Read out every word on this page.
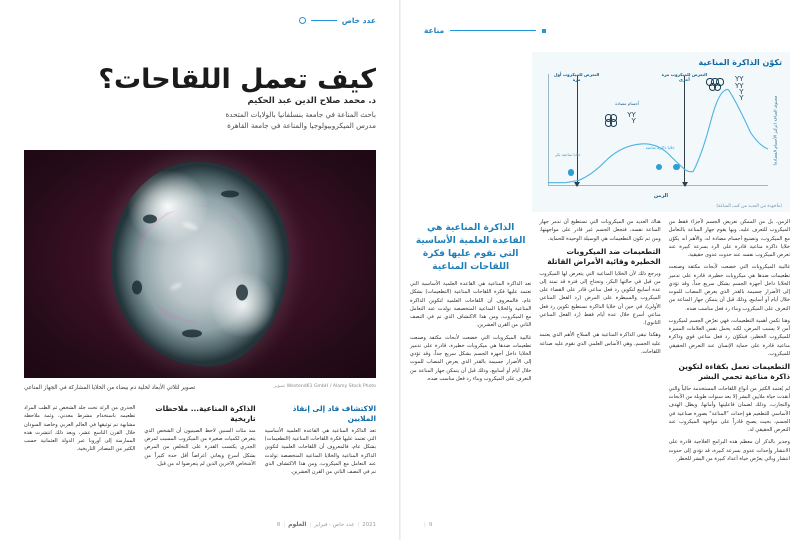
مناعة
تكوّن الذاكرة المناعية
مستوى المناعة (تركيز الأجسام المضادة)
التعرض للميكروب أول مرة
التعرض للميكروب مرة أخرى
خلايا مناعية بكر
خلايا ذاكرة مناعية
أجسام مضادة
YY
Y
YY
YY
Y
Y
الزمن
(مأخوذة من العديد من كتب المناعة)

الزمن، بل من الممكن تعريض الجسم لأجزاء فقط من الميكروب للتعرف عليه، وبها يقوم جهاز المناعة بالتعامل مع الميكروب، وتصنيع أجسام مضادة له، والأهم أنه يكوّن خلايا ذاكرة مناعية قادرة على الرد بسرعة كبيرة عند تعرض الميكروب نفسه عند حدوث عدوى حقيقية.

غالبية الميكروبات التي خضعت لأبحاث مكثفة وصنعت تطعيمات ضدها هي ميكروبات خطيرة، قادرة على تدمير الخلايا داخل أجهزة الجسم بشكل سريع جداً، وقد تؤدي إلى الأضرار جسيمة بالقدر الذي يعرض المصاب للموت خلال أيام أو أسابيع، وذلك قبل أن يتمكن جهاز المناعة من التعرف على الميكروب وبناء رد فعل مناسب ضده.

وهنا تكمن أهمية التطعيمات، فهي تعرّض الجسم لميكروب آمن لا يسبب المرض، لكنه يحمل نفس العلامات المميزة للميكروب الخطير، فيتكوّن رد فعل مناعي قوي وذاكرة مناعية قادرة على حماية الإنسان عند التعرض الحقيقي للميكروب.

التطعيمات تعمل بكفاءة لتكوين ذاكرة مناعية تحمي البشر

لم يُعتمد الكثير من أنواع اللقاحات المستخدمة حالياً والتي أنقذت حياة ملايين البشر إلا بعد سنوات طويلة من الأبحاث والتجارب، وذلك لضمان فاعليتها وأمانها، ويظل الهدف الأساسي للتطعيم هو إحداث "المناعة" بصورة صناعية في الجسم، بحيث يصبح قادراً على مواجهة الميكروب عند التعرض الحقيقي له.

وجدير بالذكر أن معظم هذه البرامج العلاجية قادرة على الانتشار وإحداث عدوى بسرعة كبيرة، قد تؤدي إلى حدوث انتشار وبائي يعرّض حياة أعداد كبيرة من البشر للخطر.

هناك العديد من الميكروبات التي تستطيع أن تدمر جهاز المناعة نفسه، فتجعل الجسم غير قادر على مواجهتها، ومن ثم تكون التطعيمات هي الوسيلة الوحيدة للحماية.

التطعيمات ضد الميكروبات الخطيرة وقائية الأمراض القاتلة

ويرجع ذلك لأن الخلايا المناعية التي يتعرض لها الميكروب من قبل في حالتها البكر، وتحتاج إلى فترة قد تمتد إلى عدة أسابيع لتكوين رد فعل مناعي قادر على القضاء على الميكروب والسيطرة على المرض (رد الفعل المناعي الأولي)، في حين أن خلايا الذاكرة تستطيع تكوين رد فعل مناعي أسرع خلال عدة أيام فقط (رد الفعل المناعي الثانوي).

وهكذا تبقى الذاكرة المناعية هي السلاح الأهم الذي يعتمد عليه الجسم، وهي الأساس العلمي الذي تقوم عليه صناعة اللقاحات.

الذاكرة المناعية هي القاعدة العلمية الأساسية التي تقوم عليها فكرة اللقاحات المناعية

تعد الذاكرة المناعية هي القاعدة العلمية الأساسية التي تعتمد عليها فكرة اللقاحات المناعية (التطعيمات) بشكل عام، فالمعروف أن اللقاحات العلمية لتكوين الذاكرة المناعية والخلايا المناعية المتخصصة تولدت عند التعامل مع الميكروب، ومن هذا الاكتشاف الذي تم في النصف الثاني من القرن العشرين.

غالبية الميكروبات التي خضعت لأبحاث مكثفة وصنعت تطعيمات ضدها هي ميكروبات خطيرة، قادرة على تدمير الخلايا داخل أجهزة الجسم بشكل سريع جداً، وقد تؤدي إلى الأضرار جسيمة بالقدر الذي يعرض المصاب للموت خلال أيام أو أسابيع، وذلك قبل أن يتمكن جهاز المناعة من التعرف على الميكروب وبناء رد فعل مناسب ضده.

9
|
عدد خاص
كيف تعمل اللقاحات؟
د. محمد صلاح الدين عبد الحكيم
باحث المناعة في جامعة بنسلفانيا بالولايات المتحدة
مدرس الميكروبيولوجيا والمناعة في جامعة القاهرة
تصوير Westend61 GmbH / Alamy Stock Photo
تصوير لثلاثي الأبعاد لخلية دم بيضاء من الخلايا المشاركة في الجهاز المناعي
الاكتشاف قاد إلى إنقاذ الملايين

تعد الذاكرة المناعية هي القاعدة العلمية الأساسية التي تعتمد عليها فكرة اللقاحات المناعية (التطعيمات) بشكل عام، فالمعروف أن اللقاحات العلمية لتكوين الذاكرة المناعية والخلايا المناعية المتخصصة تولدت عند التعامل مع الميكروب، ومن هذا الاكتشاف الذي تم في النصف الثاني من القرن العشرين.

الذاكرة المناعية... ملاحظات تاريخية

منذ مئات السنين لاحظ الصينيون أن الشخص الذي يتعرض لكميات صغيرة من الميكروب المسبب لمرض الجدري يكتسب القدرة على التخلص من المرض بشكل أسرع ويعاني أعراضاً أقل حدة كثيراً من الأشخاص الآخرين الذين لم يتعرضوا له من قبل.

الجدري من الرئة تحت جلد الشخص ثم الطب المراد تطعيمه باستخدام مشرط معدني، وثمة ملاحظة مشابهة تم توثيقها في العالم العربي وخاصة السودان خلال القرن التاسع عشر، وبعد ذلك انتشرت هذه الممارسة إلى أوروبا عبر الدولة العثمانية حسب الكثير من المصادر التاريخية.

2021
|
عدد خاص - فبراير
|
العلوم
|
8
